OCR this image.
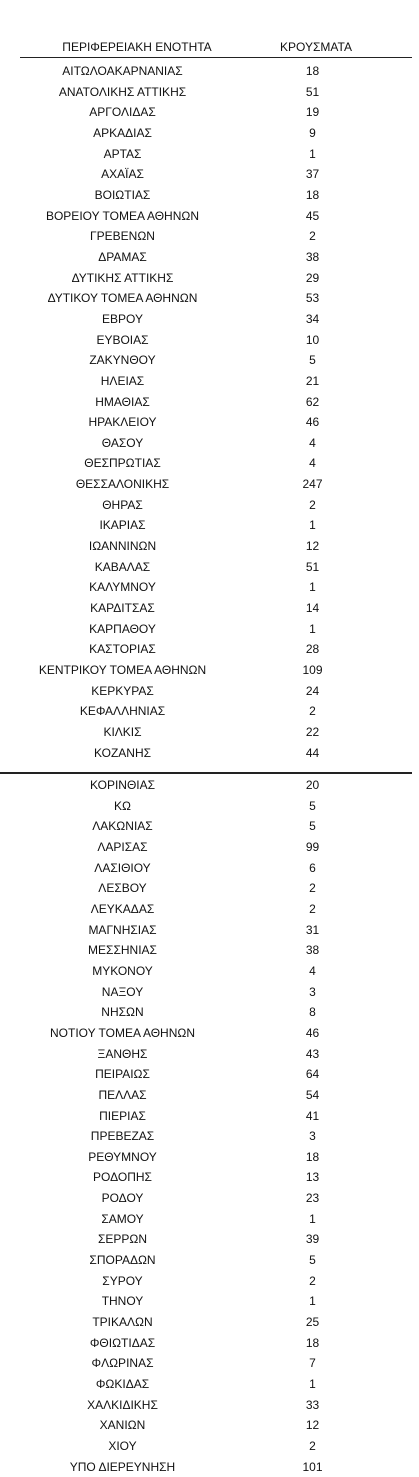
ΠΕΡΙΦΕΡΕΙΑΚΗ ΕΝΟΤΗΤΑ	ΚΡΟΥΣΜΑΤΑ
ΑΙΤΩΛΟΑΚΑΡΝΑΝΙΑΣ	18
ΑΝΑΤΟΛΙΚΗΣ ΑΤΤΙΚΗΣ	51
ΑΡΓΟΛΙΔΑΣ	19
ΑΡΚΑΔΙΑΣ	9
ΑΡΤΑΣ	1
ΑΧΑΪΑΣ	37
ΒΟΙΩΤΙΑΣ	18
ΒΟΡΕΙΟΥ ΤΟΜΕΑ ΑΘΗΝΩΝ	45
ΓΡΕΒΕΝΩΝ	2
ΔΡΑΜΑΣ	38
ΔΥΤΙΚΗΣ ΑΤΤΙΚΗΣ	29
ΔΥΤΙΚΟΥ ΤΟΜΕΑ ΑΘΗΝΩΝ	53
ΕΒΡΟΥ	34
ΕΥΒΟΙΑΣ	10
ΖΑΚΥΝΘΟΥ	5
ΗΛΕΙΑΣ	21
ΗΜΑΘΙΑΣ	62
ΗΡΑΚΛΕΙΟΥ	46
ΘΑΣΟΥ	4
ΘΕΣΠΡΩΤΙΑΣ	4
ΘΕΣΣΑΛΟΝΙΚΗΣ	247
ΘΗΡΑΣ	2
ΙΚΑΡΙΑΣ	1
ΙΩΑΝΝΙΝΩΝ	12
ΚΑΒΑΛΑΣ	51
ΚΑΛΥΜΝΟΥ	1
ΚΑΡΔΙΤΣΑΣ	14
ΚΑΡΠΑΘΟΥ	1
ΚΑΣΤΟΡΙΑΣ	28
ΚΕΝΤΡΙΚΟΥ ΤΟΜΕΑ ΑΘΗΝΩΝ	109
ΚΕΡΚΥΡΑΣ	24
ΚΕΦΑΛΛΗΝΙΑΣ	2
ΚΙΛΚΙΣ	22
ΚΟΖΑΝΗΣ	44
ΚΟΡΙΝΘΙΑΣ	20
ΚΩ	5
ΛΑΚΩΝΙΑΣ	5
ΛΑΡΙΣΑΣ	99
ΛΑΣΙΘΙΟΥ	6
ΛΕΣΒΟΥ	2
ΛΕΥΚΑΔΑΣ	2
ΜΑΓΝΗΣΙΑΣ	31
ΜΕΣΣΗΝΙΑΣ	38
ΜΥΚΟΝΟΥ	4
ΝΑΞΟΥ	3
ΝΗΣΩΝ	8
ΝΟΤΙΟΥ ΤΟΜΕΑ ΑΘΗΝΩΝ	46
ΞΑΝΘΗΣ	43
ΠΕΙΡΑΙΩΣ	64
ΠΕΛΛΑΣ	54
ΠΙΕΡΙΑΣ	41
ΠΡΕΒΕΖΑΣ	3
ΡΕΘΥΜΝΟΥ	18
ΡΟΔΟΠΗΣ	13
ΡΟΔΟΥ	23
ΣΑΜΟΥ	1
ΣΕΡΡΩΝ	39
ΣΠΟΡΑΔΩΝ	5
ΣΥΡΟΥ	2
ΤΗΝΟΥ	1
ΤΡΙΚΑΛΩΝ	25
ΦΘΙΩΤΙΔΑΣ	18
ΦΛΩΡΙΝΑΣ	7
ΦΩΚΙΔΑΣ	1
ΧΑΛΚΙΔΙΚΗΣ	33
ΧΑΝΙΩΝ	12
ΧΙΟΥ	2
ΥΠΟ ΔΙΕΡΕΥΝΗΣΗ	101
